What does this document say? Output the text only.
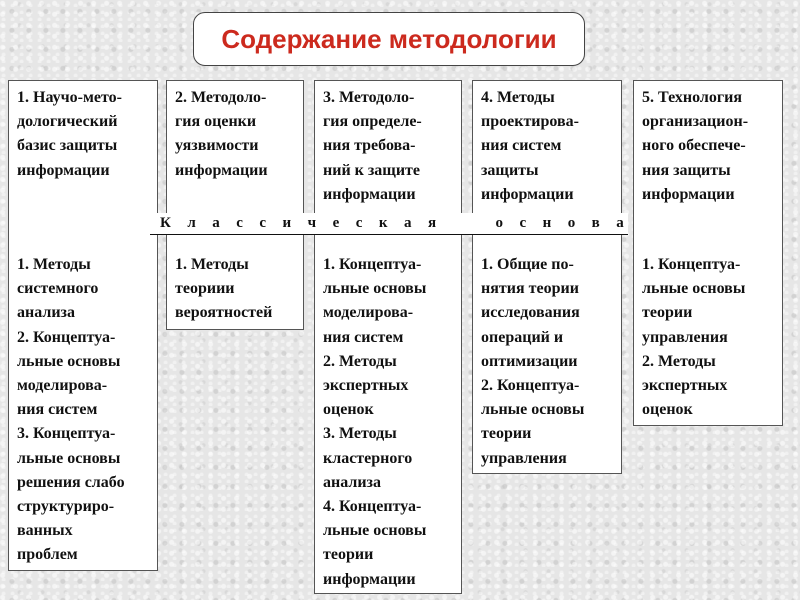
Содержание методологии
1. Научо-мето-
дологический
базис защиты
информации
1. Методы
системного
анализа
2. Концептуа-
льные основы
моделирова-
ния систем
3. Концептуа-
льные основы
решения слабо
структуриро-
ванных
проблем
2. Методоло-
гия оценки
уязвимости
информации
1. Методы
теориии
вероятностей
3. Методоло-
гия определе-
ния требова-
ний к защите
информации
1. Концептуа-
льные основы
моделирова-
ния систем
2. Методы
экспертных
оценок
3. Методы
кластерного
анализа
4. Концептуа-
льные основы
теории
информации
4. Методы
проектирова-
ния систем
защиты
информации
1. Общие по-
нятия теории
исследования
операций и
оптимизации
2. Концептуа-
льные основы
теории
управления
5. Технология
организацион-
ного обеспече-
ния защиты
информации
1. Концептуа-
льные основы
теории
управления
2. Методы
экспертных
оценок
К л а с с и ч е с к а я	о с н о в а
